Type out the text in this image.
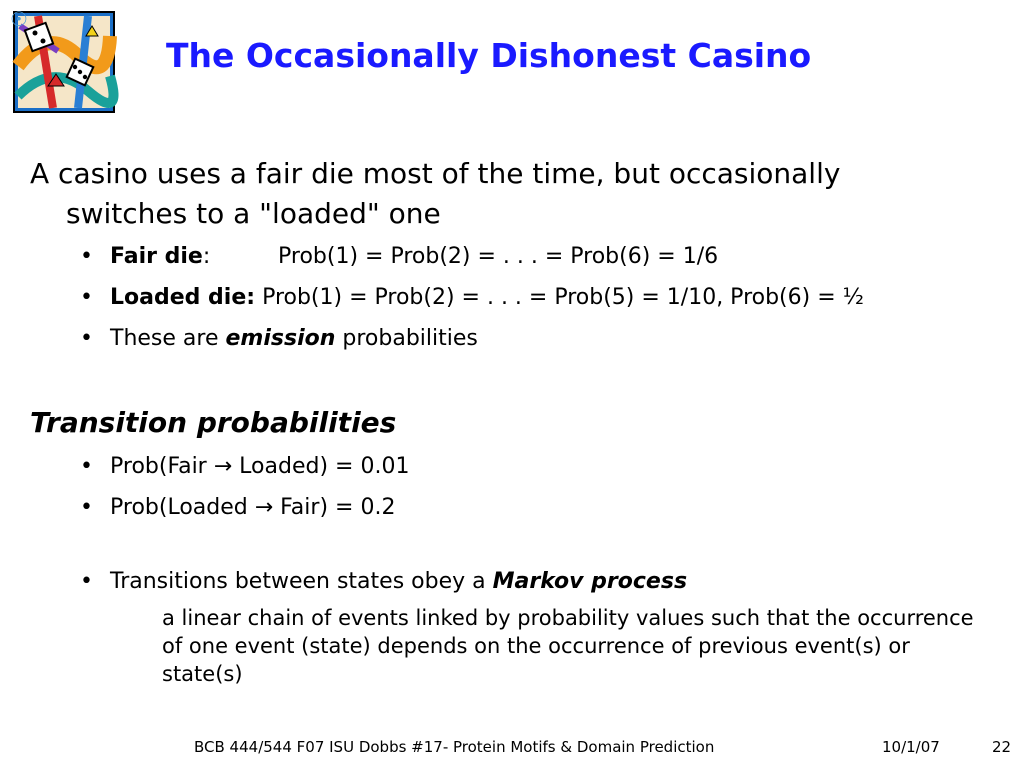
☉
The Occasionally Dishonest Casino
A casino uses a fair die most of the time, but occasionally
switches to a "loaded" one
• Fair die:	Prob(1) = Prob(2) = . . . = Prob(6) = 1/6
• Loaded die: Prob(1) = Prob(2) = . . . = Prob(5) = 1/10, Prob(6) = ½
• These are emission probabilities
Transition probabilities
• Prob(Fair → Loaded) = 0.01
• Prob(Loaded → Fair) = 0.2
• Transitions between states obey a Markov process
a linear chain of events linked by probability values such that the occurrence of one event (state) depends on the occurrence of previous event(s) or state(s)
BCB 444/544 F07 ISU Dobbs #17- Protein Motifs & Domain Prediction	10/1/07	22
